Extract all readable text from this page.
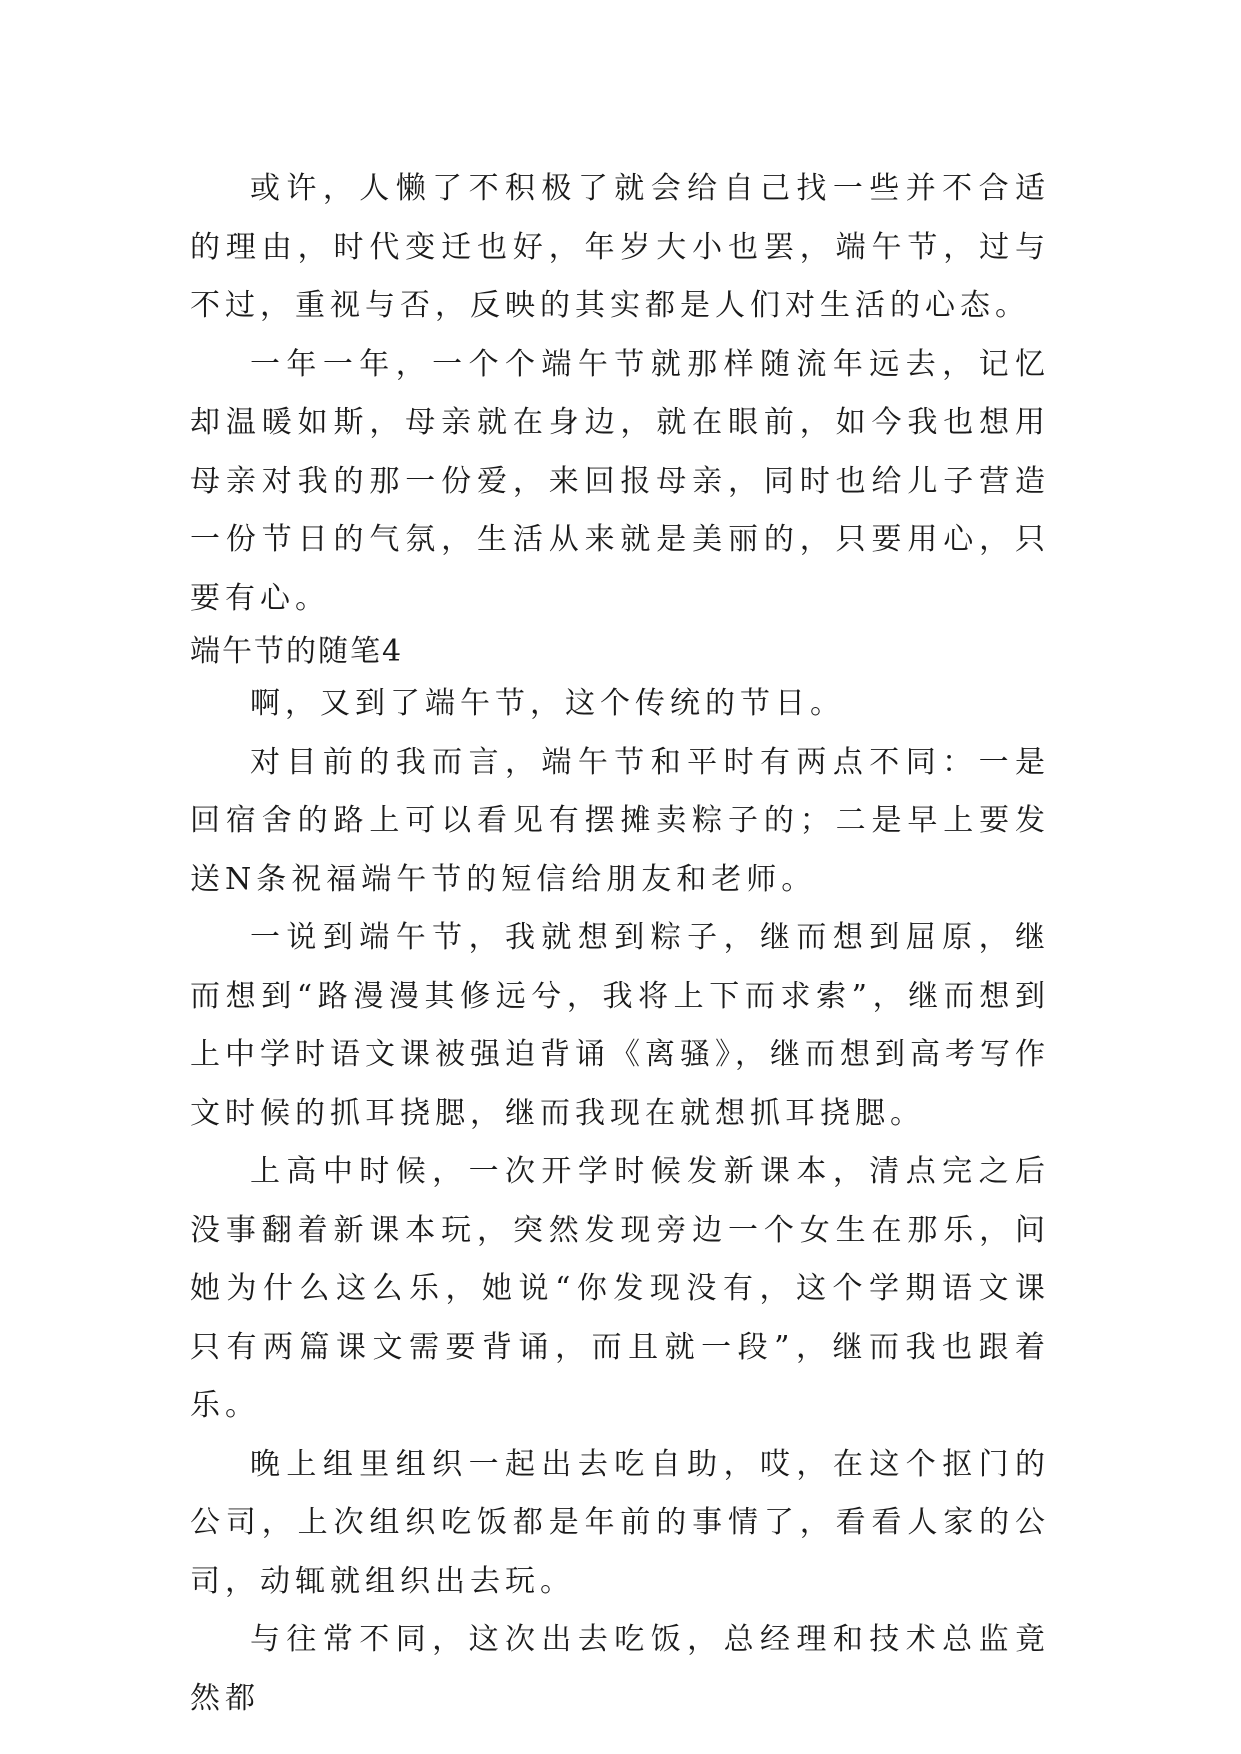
或许，人懒了不积极了就会给自己找一些并不合适的理由，时代变迁也好，年岁大小也罢，端午节，过与不过，重视与否，反映的其实都是人们对生活的心态。

一年一年，一个个端午节就那样随流年远去，记忆却温暖如斯，母亲就在身边，就在眼前，如今我也想用母亲对我的那一份爱，来回报母亲，同时也给儿子营造一份节日的气氛，生活从来就是美丽的，只要用心，只要有心。

端午节的随笔4

啊，又到了端午节，这个传统的节日。

对目前的我而言，端午节和平时有两点不同：一是回宿舍的路上可以看见有摆摊卖粽子的；二是早上要发送N条祝福端午节的短信给朋友和老师。

一说到端午节，我就想到粽子，继而想到屈原，继而想到“路漫漫其修远兮，我将上下而求索”，继而想到上中学时语文课被强迫背诵《离骚》，继而想到高考写作文时候的抓耳挠腮，继而我现在就想抓耳挠腮。

上高中时候，一次开学时候发新课本，清点完之后没事翻着新课本玩，突然发现旁边一个女生在那乐，问她为什么这么乐，她说“你发现没有，这个学期语文课只有两篇课文需要背诵，而且就一段”，继而我也跟着乐。

晚上组里组织一起出去吃自助，哎，在这个抠门的公司，上次组织吃饭都是年前的事情了，看看人家的公司，动辄就组织出去玩。

与往常不同，这次出去吃饭，总经理和技术总监竟然都
